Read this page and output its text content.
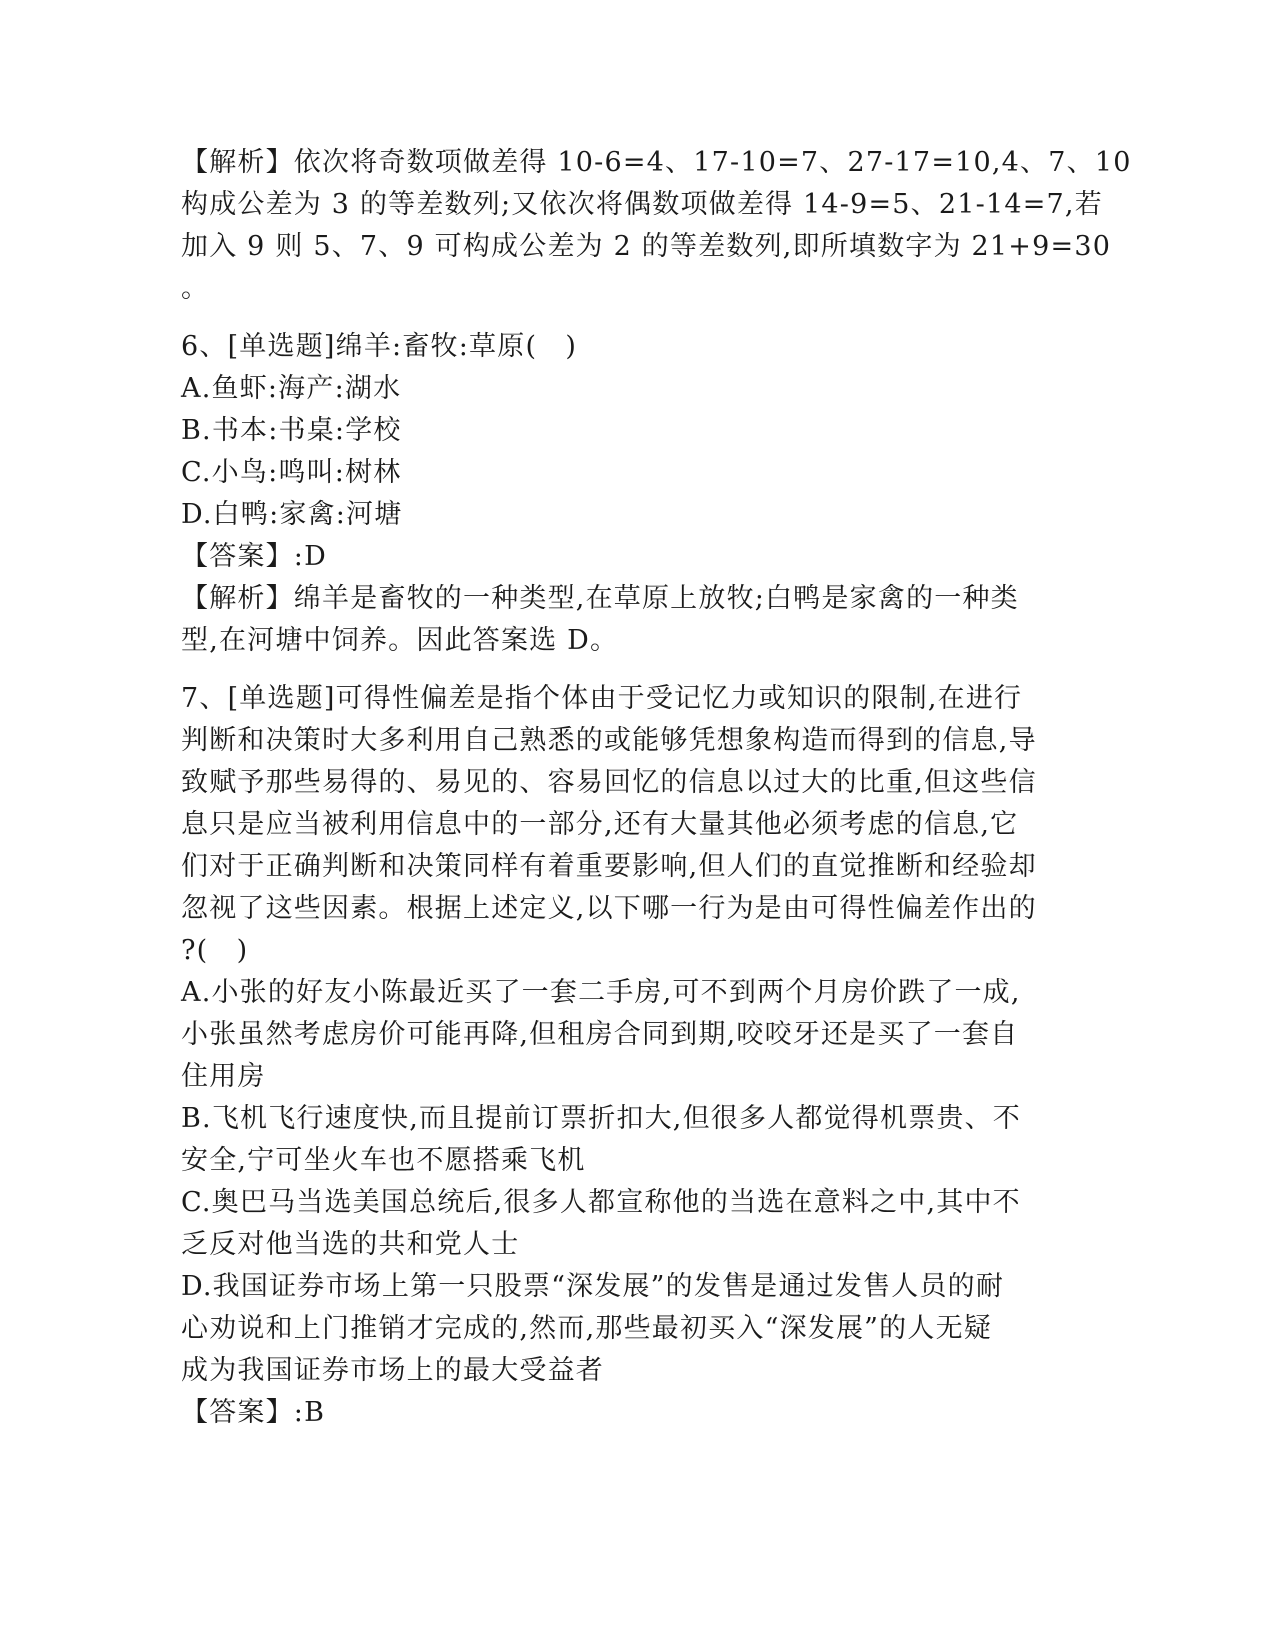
【解析】依次将奇数项做差得 10-6=4、17-10=7、27-17=10,4、7、10
构成公差为 3 的等差数列;又依次将偶数项做差得 14-9=5、21-14=7,若
加入 9 则 5、7、9 可构成公差为 2 的等差数列,即所填数字为 21+9=30
。
6、[单选题]绵羊:畜牧:草原(　)
A.鱼虾:海产:湖水
B.书本:书桌:学校
C.小鸟:鸣叫:树林
D.白鸭:家禽:河塘
【答案】:D
【解析】绵羊是畜牧的一种类型,在草原上放牧;白鸭是家禽的一种类
型,在河塘中饲养。因此答案选 D。
7、[单选题]可得性偏差是指个体由于受记忆力或知识的限制,在进行
判断和决策时大多利用自己熟悉的或能够凭想象构造而得到的信息,导
致赋予那些易得的、易见的、容易回忆的信息以过大的比重,但这些信
息只是应当被利用信息中的一部分,还有大量其他必须考虑的信息,它
们对于正确判断和决策同样有着重要影响,但人们的直觉推断和经验却
忽视了这些因素。根据上述定义,以下哪一行为是由可得性偏差作出的
?(　)
A.小张的好友小陈最近买了一套二手房,可不到两个月房价跌了一成,
小张虽然考虑房价可能再降,但租房合同到期,咬咬牙还是买了一套自
住用房
B.飞机飞行速度快,而且提前订票折扣大,但很多人都觉得机票贵、不
安全,宁可坐火车也不愿搭乘飞机
C.奥巴马当选美国总统后,很多人都宣称他的当选在意料之中,其中不
乏反对他当选的共和党人士
D.我国证券市场上第一只股票“深发展”的发售是通过发售人员的耐
心劝说和上门推销才完成的,然而,那些最初买入“深发展”的人无疑
成为我国证券市场上的最大受益者
【答案】:B
